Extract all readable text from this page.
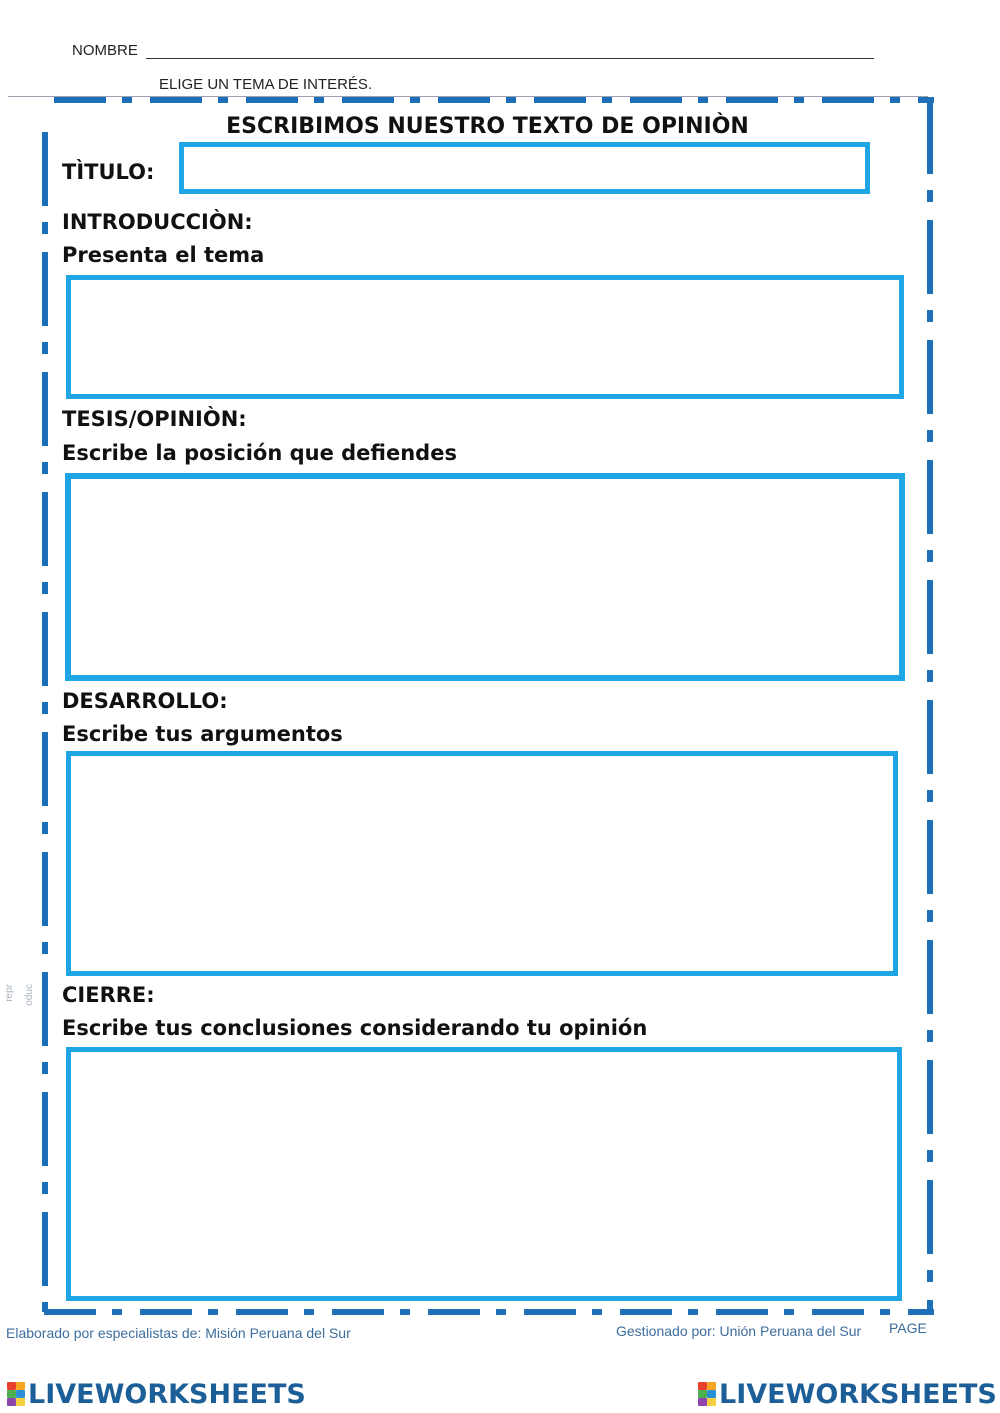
NOMBRE
ELIGE UN TEMA DE INTERÉS.
ESCRIBIMOS NUESTRO TEXTO DE OPINIÒN
TÌTULO:
INTRODUCCIÒN:
Presenta el tema
TESIS/OPINIÒN:
Escribe la posición que defiendes
DESARROLLO:
Escribe tus argumentos
CIERRE:
Escribe tus conclusiones considerando tu opinión
repr oduc
Elaborado por especialistas de: Misión Peruana del Sur	Gestionado por: Unión Peruana del Sur PAGE
LIVEWORKSHEETS	LIVEWORKSHEETS
